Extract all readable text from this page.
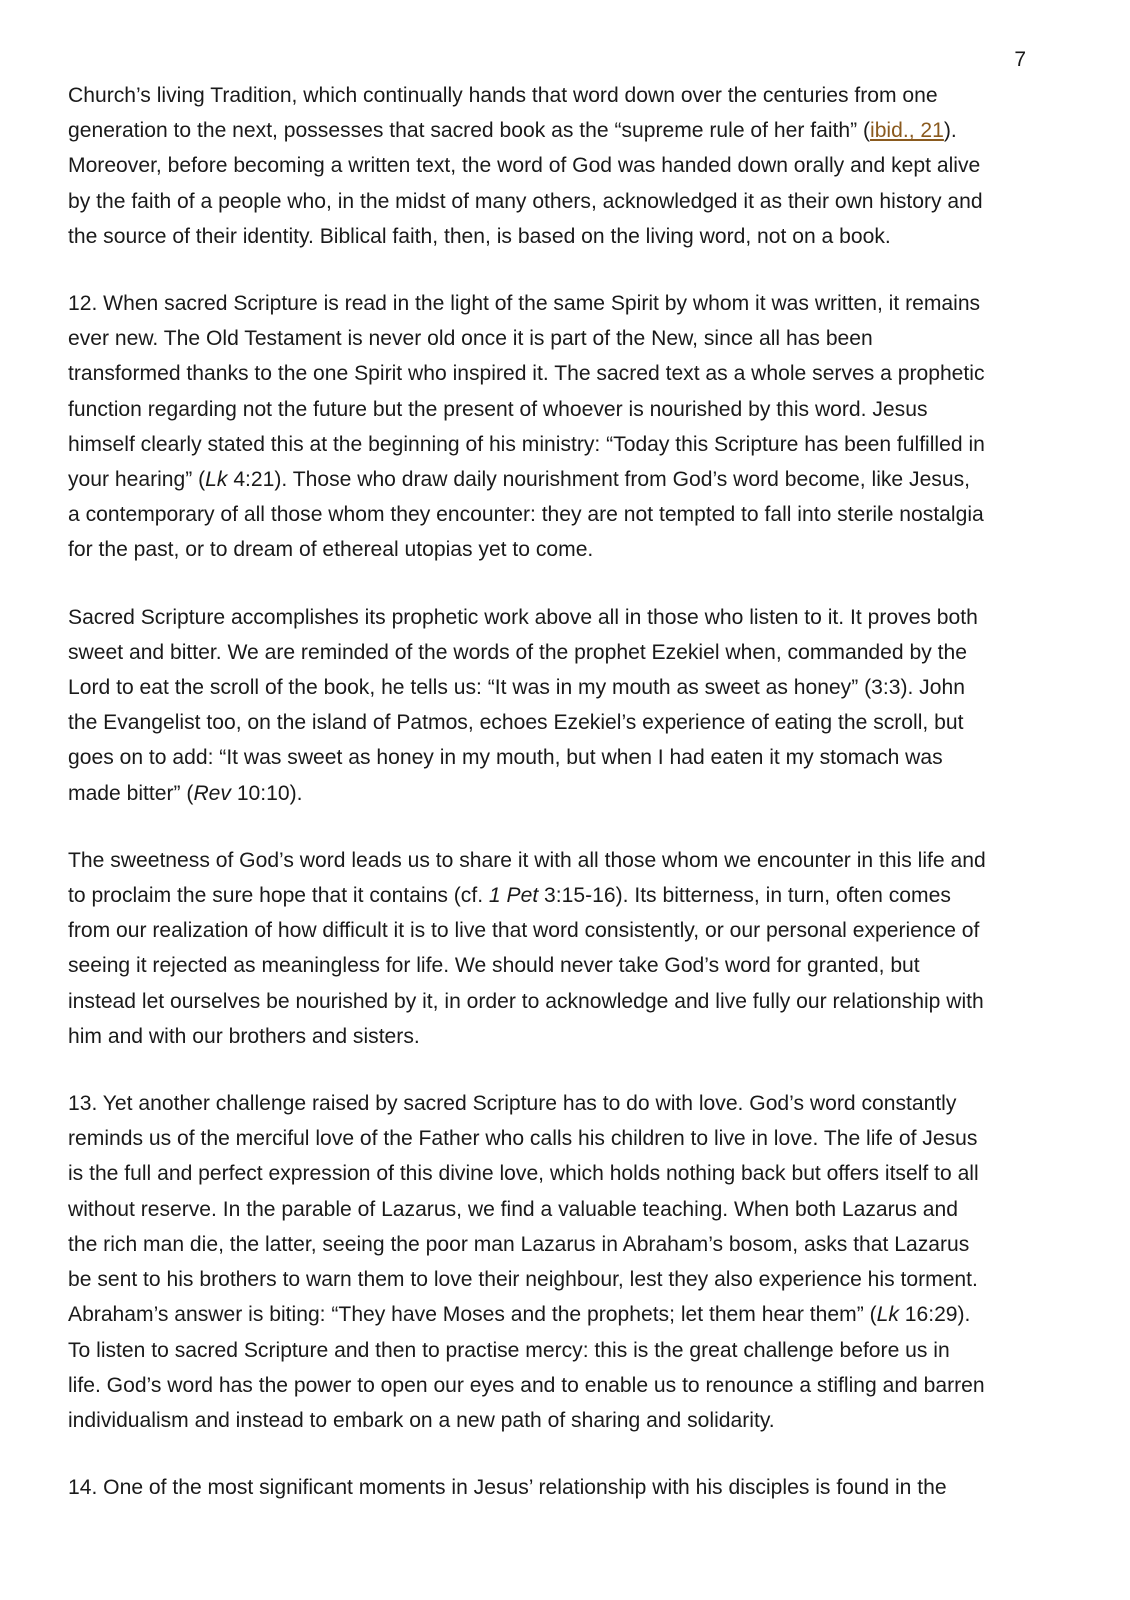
7

Church’s living Tradition, which continually hands that word down over the centuries from one
generation to the next, possesses that sacred book as the “supreme rule of her faith” (ibid., 21).
Moreover, before becoming a written text, the word of God was handed down orally and kept alive
by the faith of a people who, in the midst of many others, acknowledged it as their own history and
the source of their identity. Biblical faith, then, is based on the living word, not on a book.

12. When sacred Scripture is read in the light of the same Spirit by whom it was written, it remains
ever new. The Old Testament is never old once it is part of the New, since all has been
transformed thanks to the one Spirit who inspired it. The sacred text as a whole serves a prophetic
function regarding not the future but the present of whoever is nourished by this word. Jesus
himself clearly stated this at the beginning of his ministry: “Today this Scripture has been fulfilled in
your hearing” (Lk 4:21). Those who draw daily nourishment from God’s word become, like Jesus,
a contemporary of all those whom they encounter: they are not tempted to fall into sterile nostalgia
for the past, or to dream of ethereal utopias yet to come.

Sacred Scripture accomplishes its prophetic work above all in those who listen to it. It proves both
sweet and bitter. We are reminded of the words of the prophet Ezekiel when, commanded by the
Lord to eat the scroll of the book, he tells us: “It was in my mouth as sweet as honey” (3:3). John
the Evangelist too, on the island of Patmos, echoes Ezekiel’s experience of eating the scroll, but
goes on to add: “It was sweet as honey in my mouth, but when I had eaten it my stomach was
made bitter” (Rev 10:10).

The sweetness of God’s word leads us to share it with all those whom we encounter in this life and
to proclaim the sure hope that it contains (cf. 1 Pet 3:15-16). Its bitterness, in turn, often comes
from our realization of how difficult it is to live that word consistently, or our personal experience of
seeing it rejected as meaningless for life. We should never take God’s word for granted, but
instead let ourselves be nourished by it, in order to acknowledge and live fully our relationship with
him and with our brothers and sisters.

13. Yet another challenge raised by sacred Scripture has to do with love. God’s word constantly
reminds us of the merciful love of the Father who calls his children to live in love. The life of Jesus
is the full and perfect expression of this divine love, which holds nothing back but offers itself to all
without reserve. In the parable of Lazarus, we find a valuable teaching. When both Lazarus and
the rich man die, the latter, seeing the poor man Lazarus in Abraham’s bosom, asks that Lazarus
be sent to his brothers to warn them to love their neighbour, lest they also experience his torment.
Abraham’s answer is biting: “They have Moses and the prophets; let them hear them” (Lk 16:29).
To listen to sacred Scripture and then to practise mercy: this is the great challenge before us in
life. God’s word has the power to open our eyes and to enable us to renounce a stifling and barren
individualism and instead to embark on a new path of sharing and solidarity.

14. One of the most significant moments in Jesus’ relationship with his disciples is found in the
